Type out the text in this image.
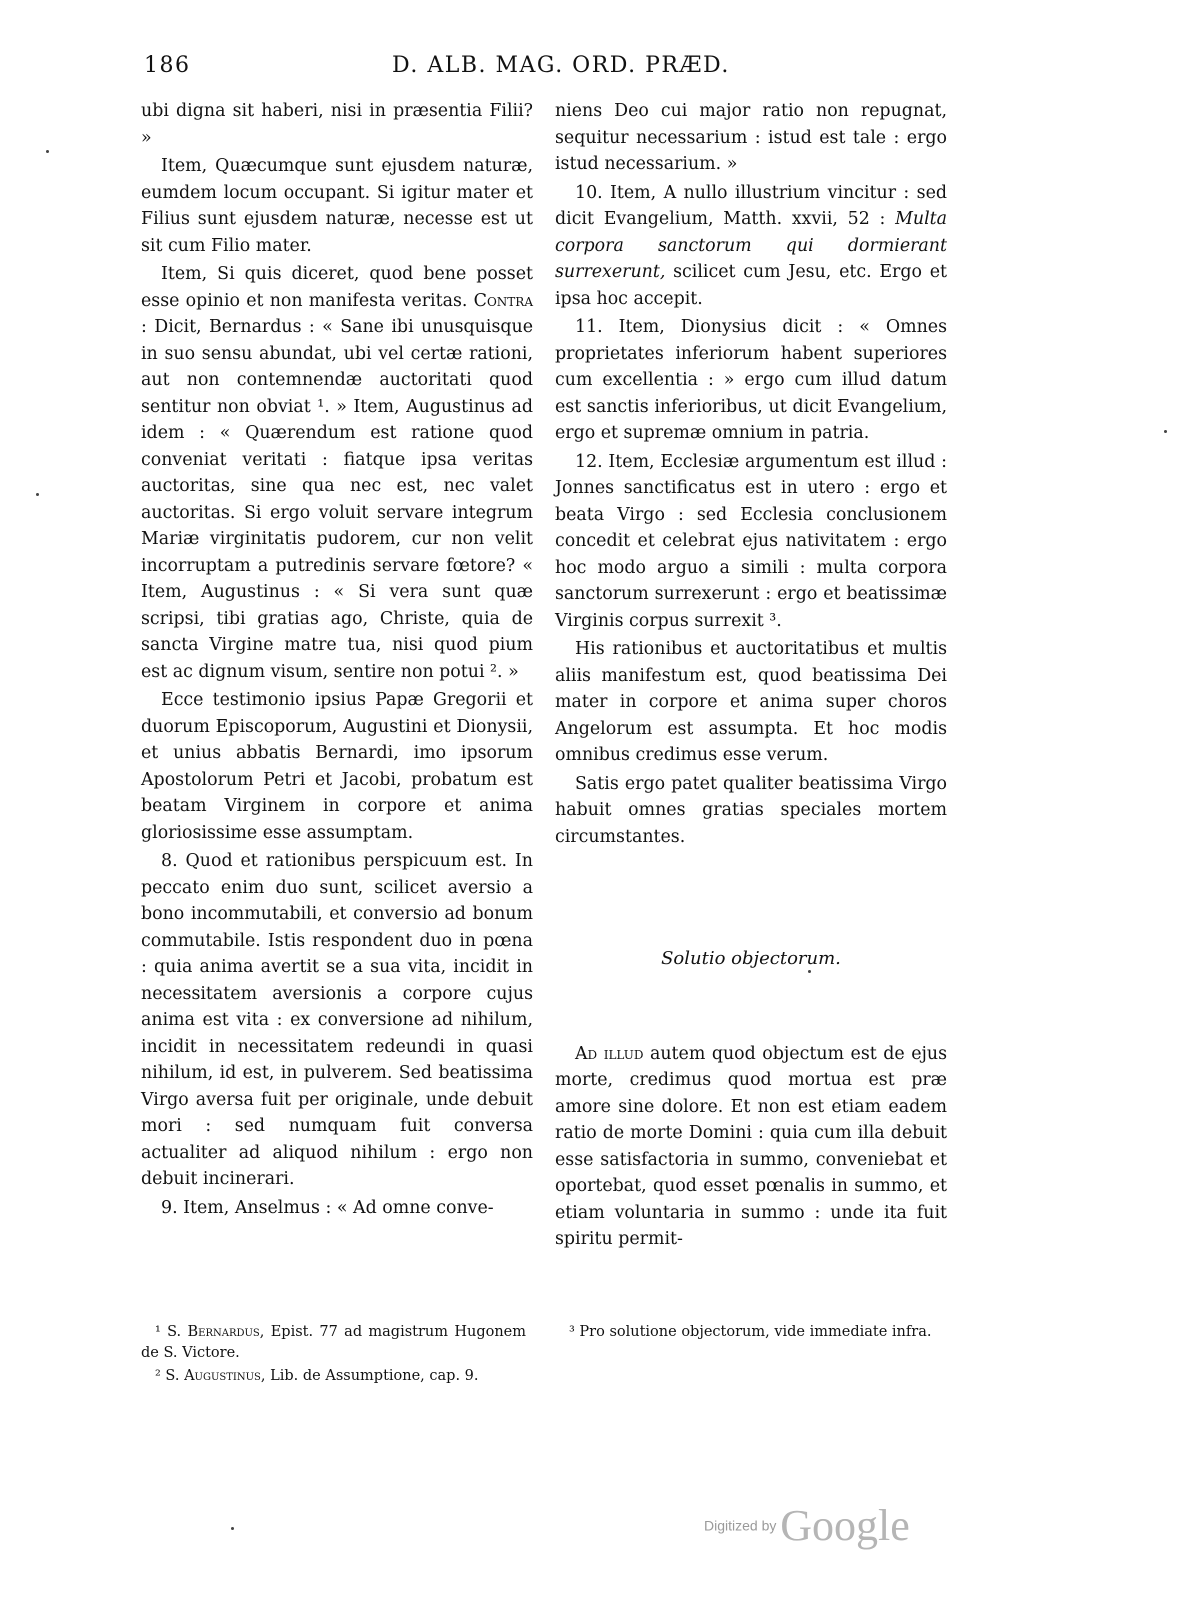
186	D. ALB. MAG. ORD. PRÆD.

ubi digna sit haberi, nisi in præsentia Filii? »

Item, Quæcumque sunt ejusdem naturæ, eumdem locum occupant. Si igitur mater et Filius sunt ejusdem naturæ, necesse est ut sit cum Filio mater.

Item, Si quis diceret, quod bene posset esse opinio et non manifesta veritas. Contra : Dicit, Bernardus : « Sane ibi unusquisque in suo sensu abundat, ubi vel certæ rationi, aut non contemnendæ auctoritati quod sentitur non obviat ¹. » Item, Augustinus ad idem : « Quærendum est ratione quod conveniat veritati : fiatque ipsa veritas auctoritas, sine qua nec est, nec valet auctoritas. Si ergo voluit servare integrum Mariæ virginitatis pudorem, cur non velit incorruptam a putredinis servare fœtore? « Item, Augustinus : « Si vera sunt quæ scripsi, tibi gratias ago, Christe, quia de sancta Virgine matre tua, nisi quod pium est ac dignum visum, sentire non potui ². »

Ecce testimonio ipsius Papæ Gregorii et duorum Episcoporum, Augustini et Dionysii, et unius abbatis Bernardi, imo ipsorum Apostolorum Petri et Jacobi, probatum est beatam Virginem in corpore et anima gloriosissime esse assumptam.

8. Quod et rationibus perspicuum est. In peccato enim duo sunt, scilicet aversio a bono incommutabili, et conversio ad bonum commutabile. Istis respondent duo in pœna : quia anima avertit se a sua vita, incidit in necessitatem aversionis a corpore cujus anima est vita : ex conversione ad nihilum, incidit in necessitatem redeundi in quasi nihilum, id est, in pulverem. Sed beatissima Virgo aversa fuit per originale, unde debuit mori : sed numquam fuit conversa actualiter ad aliquod nihilum : ergo non debuit incinerari.

9. Item, Anselmus : « Ad omne conve-

niens Deo cui major ratio non repugnat, sequitur necessarium : istud est tale : ergo istud necessarium. »

10. Item, A nullo illustrium vincitur : sed dicit Evangelium, Matth. xxvii, 52 : Multa corpora sanctorum qui dormierant surrexerunt, scilicet cum Jesu, etc. Ergo et ipsa hoc accepit.

11. Item, Dionysius dicit : « Omnes proprietates inferiorum habent superiores cum excellentia : » ergo cum illud datum est sanctis inferioribus, ut dicit Evangelium, ergo et supremæ omnium in patria.

12. Item, Ecclesiæ argumentum est illud : Jonnes sanctificatus est in utero : ergo et beata Virgo : sed Ecclesia conclusionem concedit et celebrat ejus nativitatem : ergo hoc modo arguo a simili : multa corpora sanctorum surrexerunt : ergo et beatissimæ Virginis corpus surrexit ³.

His rationibus et auctoritatibus et multis aliis manifestum est, quod beatissima Dei mater in corpore et anima super choros Angelorum est assumpta. Et hoc modis omnibus credimus esse verum.

Satis ergo patet qualiter beatissima Virgo habuit omnes gratias speciales mortem circumstantes.

Solutio objectorum.

Ad illud autem quod objectum est de ejus morte, credimus quod mortua est præ amore sine dolore. Et non est etiam eadem ratio de morte Domini : quia cum illa debuit esse satisfactoria in summo, conveniebat et oportebat, quod esset pœnalis in summo, et etiam voluntaria in summo : unde ita fuit spiritu permit-

¹ S. Bernardus, Epist. 77 ad magistrum Hugonem de S. Victore.

² S. Augustinus, Lib. de Assumptione, cap. 9.

³ Pro solutione objectorum, vide immediate infra.

Digitized by Google
